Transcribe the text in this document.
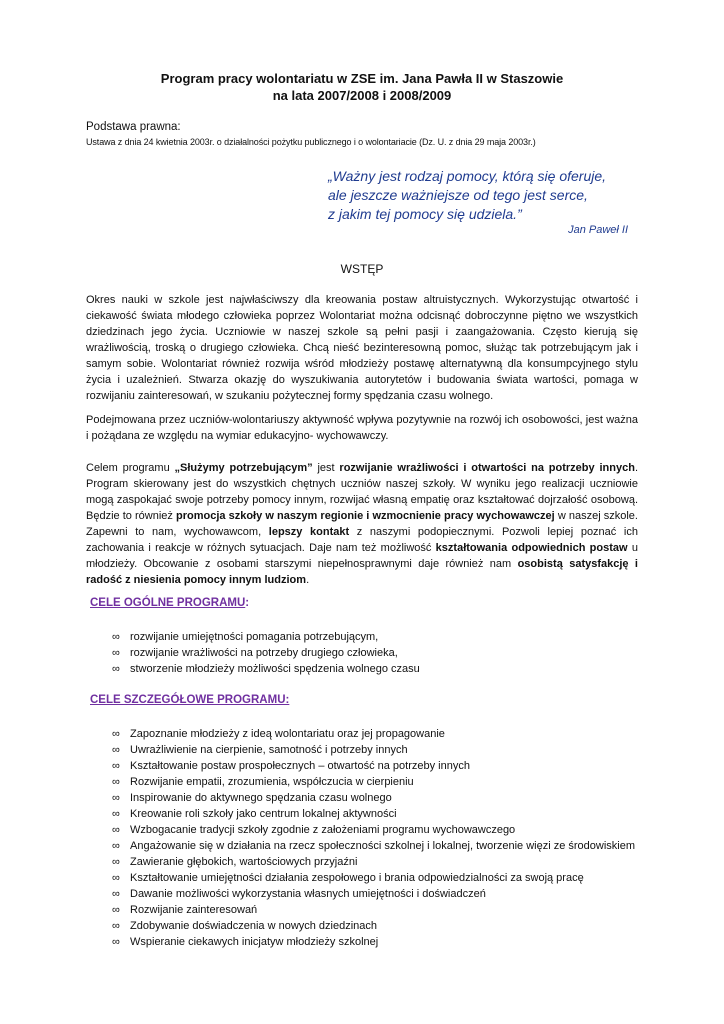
Program pracy wolontariatu w ZSE im. Jana Pawła II w Staszowie
na lata 2007/2008 i 2008/2009
Podstawa prawna:
Ustawa z dnia 24 kwietnia 2003r. o działalności pożytku publicznego i o wolontariacie (Dz. U. z dnia 29 maja 2003r.)
„Ważny jest rodzaj pomocy, którą się oferuje,
ale jeszcze ważniejsze od tego jest serce,
z jakim tej pomocy się udziela.”
Jan Paweł II
WSTĘP
Okres nauki w szkole jest najwłaściwszy dla kreowania postaw altruistycznych. Wykorzystując otwartość i ciekawość świata młodego człowieka poprzez Wolontariat można odcisnąć dobroczynne piętno we wszystkich dziedzinach jego życia. Uczniowie w naszej szkole są pełni pasji i zaangażowania. Często kierują się wrażliwością, troską o drugiego człowieka. Chcą nieść bezinteresowną pomoc, służąc tak potrzebującym jak i samym sobie. Wolontariat również rozwija wśród młodzieży postawę alternatywną dla konsumpcyjnego stylu życia i uzależnień. Stwarza okazję do wyszukiwania autorytetów i budowania świata wartości, pomaga w rozwijaniu zainteresowań, w szukaniu pożytecznej formy spędzania czasu wolnego.
Podejmowana przez uczniów-wolontariuszy aktywność wpływa pozytywnie na rozwój ich osobowości, jest ważna i pożądana ze względu na wymiar edukacyjno- wychowawczy.
Celem programu „Służymy potrzebującym” jest rozwijanie wrażliwości i otwartości na potrzeby innych. Program skierowany jest do wszystkich chętnych uczniów naszej szkoły. W wyniku jego realizacji uczniowie mogą zaspokajać swoje potrzeby pomocy innym, rozwijać własną empatię oraz kształtować dojrzałość osobową. Będzie to również promocja szkoły w naszym regionie i wzmocnienie pracy wychowawczej w naszej szkole. Zapewni to nam, wychowawcom, lepszy kontakt z naszymi podopiecznymi. Pozwoli lepiej poznać ich zachowania i reakcje w różnych sytuacjach. Daje nam też możliwość kształtowania odpowiednich postaw u młodzieży. Obcowanie z osobami starszymi niepełnosprawnymi daje również nam osobistą satysfakcję i radość z niesienia pomocy innym ludziom.
CELE OGÓLNE PROGRAMU:
∞ rozwijanie umiejętności pomagania potrzebującym,
∞ rozwijanie wrażliwości na potrzeby drugiego człowieka,
∞ stworzenie młodzieży możliwości spędzenia wolnego czasu
CELE SZCZEGÓŁOWE PROGRAMU:
∞ Zapoznanie młodzieży z ideą wolontariatu oraz jej propagowanie
∞ Uwrażliwienie na cierpienie, samotność i potrzeby innych
∞ Kształtowanie postaw prospołecznych – otwartość na potrzeby innych
∞ Rozwijanie empatii, zrozumienia, współczucia w cierpieniu
∞ Inspirowanie do aktywnego spędzania czasu wolnego
∞ Kreowanie roli szkoły jako centrum lokalnej aktywności
∞ Wzbogacanie tradycji szkoły zgodnie z założeniami programu wychowawczego
∞ Angażowanie się w działania na rzecz społeczności szkolnej i lokalnej, tworzenie więzi ze środowiskiem
∞ Zawieranie głębokich, wartościowych przyjaźni
∞ Kształtowanie umiejętności działania zespołowego i brania odpowiedzialności za swoją pracę
∞ Dawanie możliwości wykorzystania własnych umiejętności i doświadczeń
∞ Rozwijanie zainteresowań
∞ Zdobywanie doświadczenia w nowych dziedzinach
∞ Wspieranie ciekawych inicjatyw młodzieży szkolnej
